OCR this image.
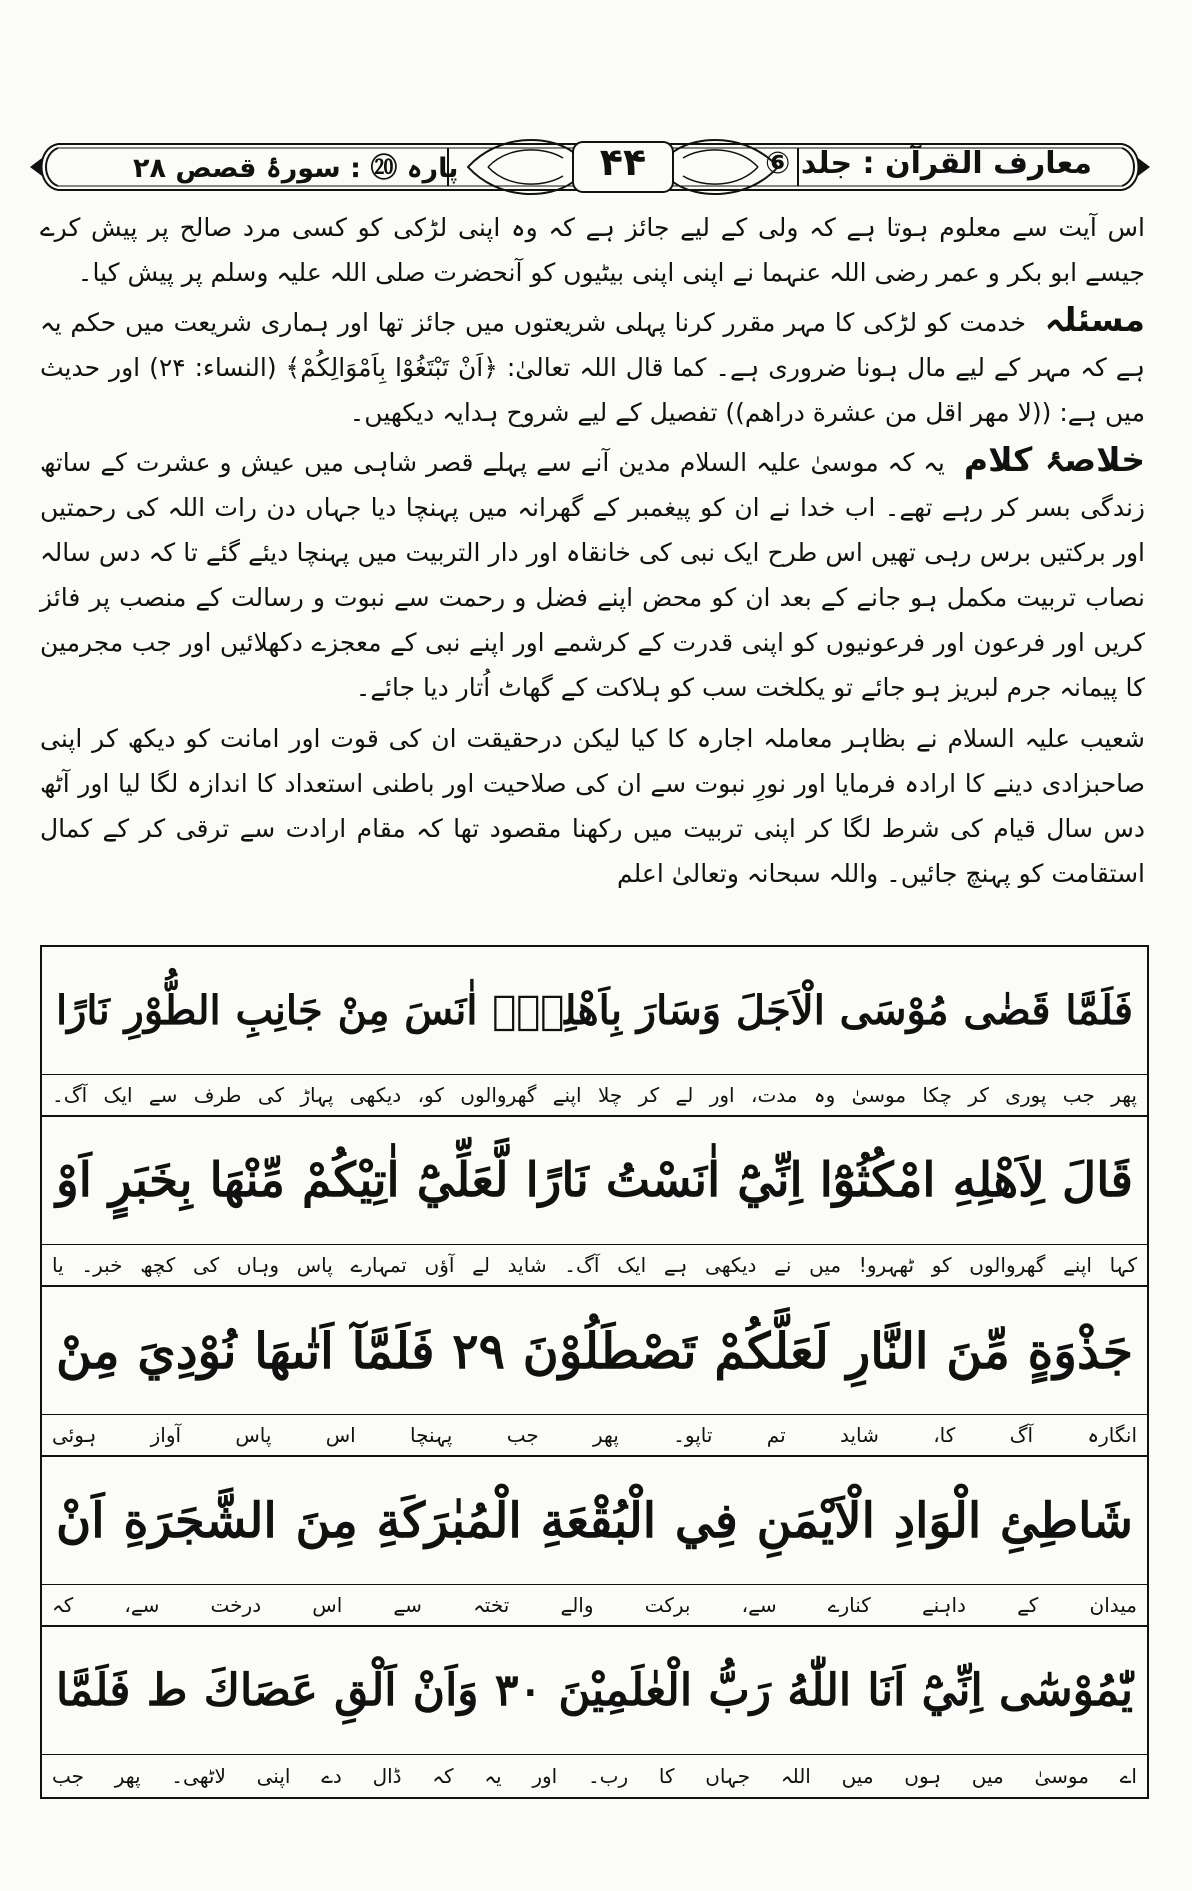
معارف القرآن : جلد ⑥
۴۴
پارہ ⑳ : سورۂ قصص ۲۸

اس آیت سے معلوم ہوتا ہے کہ ولی کے لیے جائز ہے کہ وہ اپنی لڑکی کو کسی مرد صالح پر پیش کرے جیسے ابو بکر و عمر رضی اللہ عنہما نے اپنی اپنی بیٹیوں کو آنحضرت صلی اللہ علیہ وسلم پر پیش کیا۔

مسئلہ خدمت کو لڑکی کا مہر مقرر کرنا پہلی شریعتوں میں جائز تھا اور ہماری شریعت میں حکم یہ ہے کہ مہر کے لیے مال ہونا ضروری ہے۔ کما قال اللہ تعالیٰ: ﴿اَنْ تَبْتَغُوْا بِاَمْوَالِكُمْ﴾ (النساء: ۲۴) اور حدیث میں ہے: ((لا مهر اقل من عشرة دراهم)) تفصیل کے لیے شروح ہدایہ دیکھیں۔

خلاصۂ کلام یہ کہ موسیٰ علیہ السلام مدین آنے سے پہلے قصر شاہی میں عیش و عشرت کے ساتھ زندگی بسر کر رہے تھے۔ اب خدا نے ان کو پیغمبر کے گھرانہ میں پہنچا دیا جہاں دن رات اللہ کی رحمتیں اور برکتیں برس رہی تھیں اس طرح ایک نبی کی خانقاہ اور دار التربیت میں پہنچا دیئے گئے تا کہ دس سالہ نصاب تربیت مکمل ہو جانے کے بعد ان کو محض اپنے فضل و رحمت سے نبوت و رسالت کے منصب پر فائز کریں اور فرعون اور فرعونیوں کو اپنی قدرت کے کرشمے اور اپنے نبی کے معجزے دکھلائیں اور جب مجرمین کا پیمانہ جرم لبریز ہو جائے تو یکلخت سب کو ہلاکت کے گھاٹ اُتار دیا جائے۔

شعیب علیہ السلام نے بظاہر معاملہ اجارہ کا کیا لیکن درحقیقت ان کی قوت اور امانت کو دیکھ کر اپنی صاحبزادی دینے کا ارادہ فرمایا اور نورِ نبوت سے ان کی صلاحیت اور باطنی استعداد کا اندازہ لگا لیا اور آٹھ دس سال قیام کی شرط لگا کر اپنی تربیت میں رکھنا مقصود تھا کہ مقام ارادت سے ترقی کر کے کمال استقامت کو پہنچ جائیں۔ واللہ سبحانہ وتعالیٰ اعلم

فَلَمَّا قَضٰى مُوْسَى الْاَجَلَ وَسَارَ بِاَهْلِهٖٓ اٰنَسَ مِنْ جَانِبِ الطُّوْرِ نَارًا
پھر جب پوری کر چکا موسیٰ وہ مدت، اور لے کر چلا اپنے گھروالوں کو، دیکھی پہاڑ کی طرف سے ایک آگ۔
قَالَ لِاَهْلِهِ امْكُثُوْٓا اِنِّيْٓ اٰنَسْتُ نَارًا لَّعَلِّيْٓ اٰتِيْكُمْ مِّنْهَا بِخَبَرٍ اَوْ
کہا اپنے گھروالوں کو ٹھہرو! میں نے دیکھی ہے ایک آگ۔ شاید لے آؤں تمہارے پاس وہاں کی کچھ خبر۔ یا
جَذْوَةٍ مِّنَ النَّارِ لَعَلَّكُمْ تَصْطَلُوْنَ ۲۹ فَلَمَّآ اَتٰىهَا نُوْدِيَ مِنْ
انگارہ آگ کا، شاید تم تاپو۔ پھر جب پہنچا اس پاس آواز ہوئی
شَاطِئِ الْوَادِ الْاَيْمَنِ فِي الْبُقْعَةِ الْمُبٰرَكَةِ مِنَ الشَّجَرَةِ اَنْ
میدان کے داہنے کنارے سے، برکت والے تختہ سے اس درخت سے، کہ
يّٰمُوْسٰٓى اِنِّيْٓ اَنَا اللّٰهُ رَبُّ الْعٰلَمِيْنَ ۳۰ وَاَنْ اَلْقِ عَصَاكَ ط فَلَمَّا
اے موسیٰ میں ہوں میں اللہ جہاں کا رب۔ اور یہ کہ ڈال دے اپنی لاٹھی۔ پھر جب
